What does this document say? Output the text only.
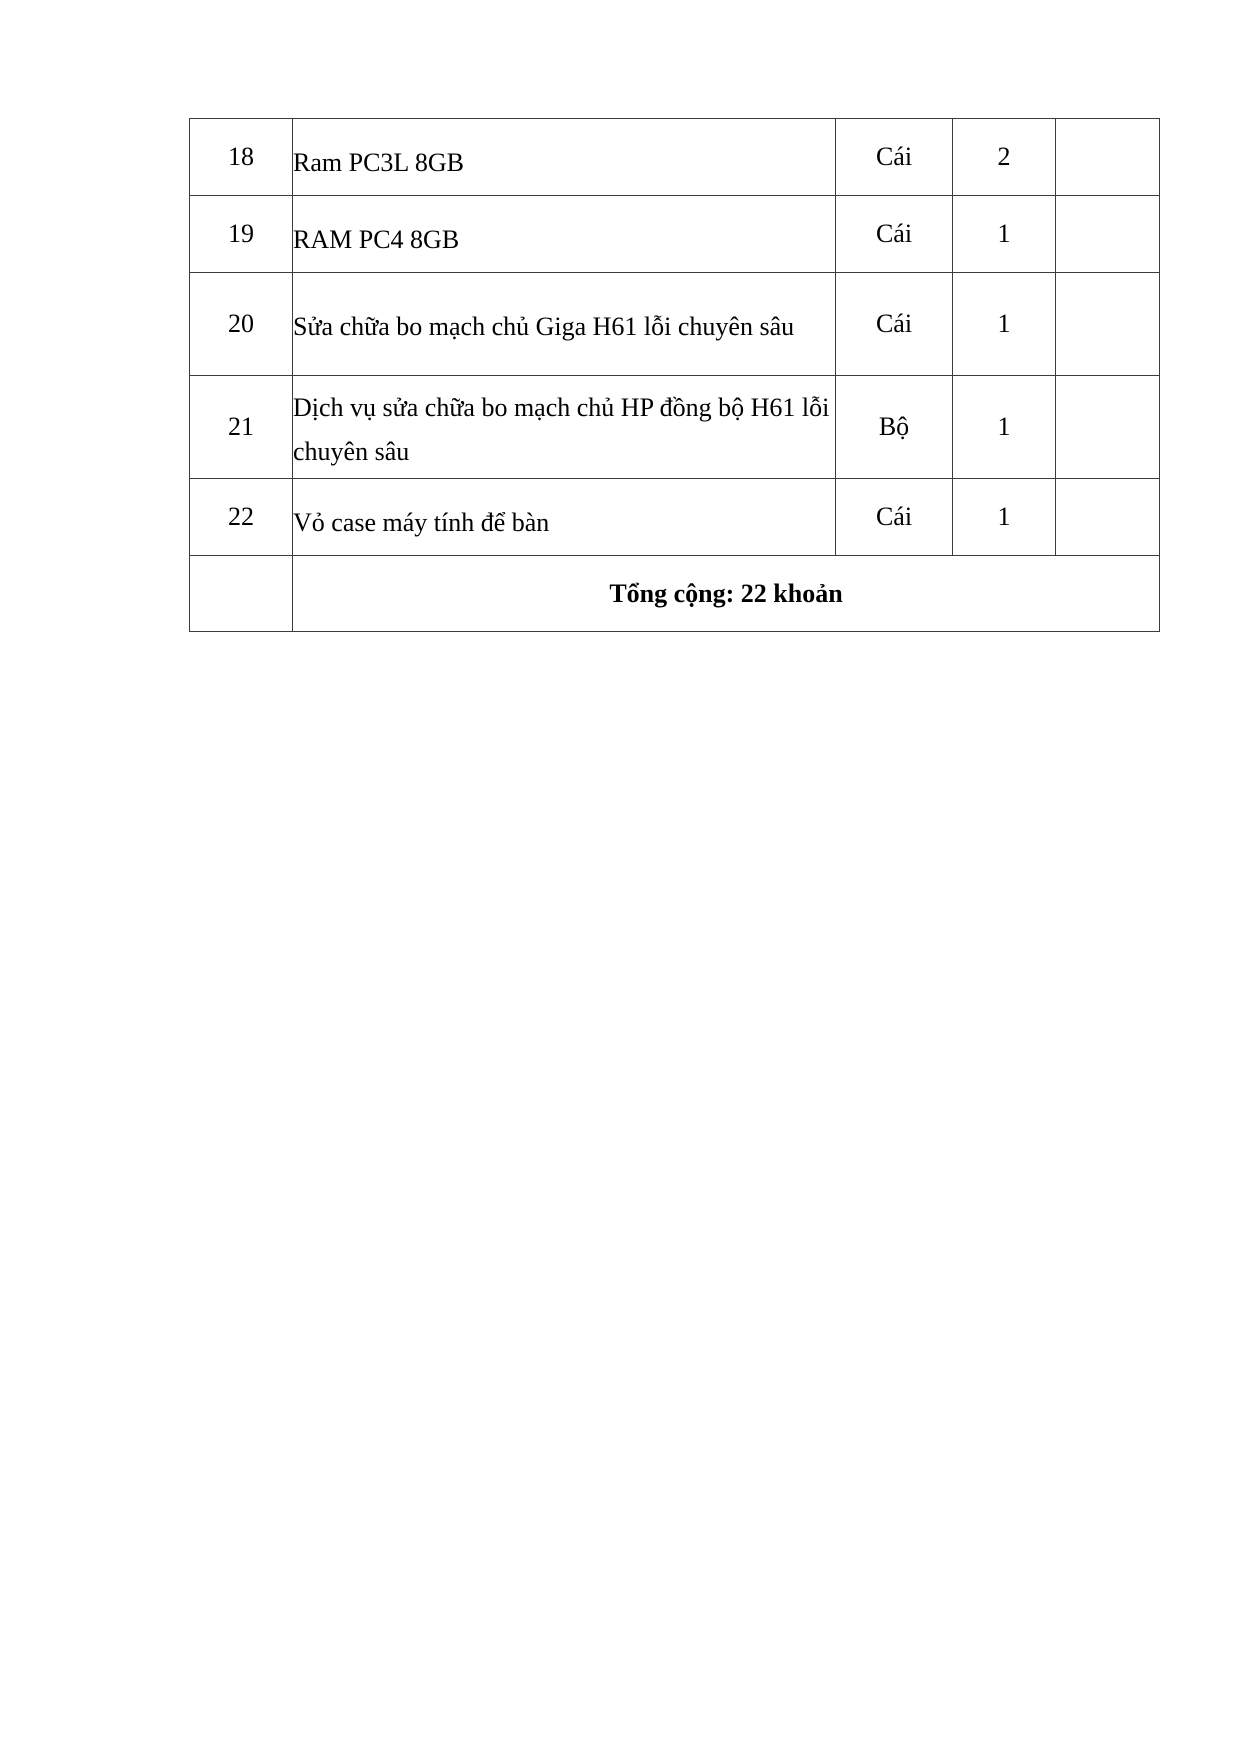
18	Ram PC3L 8GB	Cái	2	
19	RAM PC4 8GB	Cái	1	
20	Sửa chữa bo mạch chủ Giga H61 lỗi chuyên sâu	Cái	1	
21	Dịch vụ sửa chữa bo mạch chủ HP đồng bộ H61 lỗi chuyên sâu	Bộ	1	
22	Vỏ case máy tính để bàn	Cái	1	
	Tổng cộng: 22 khoản			
